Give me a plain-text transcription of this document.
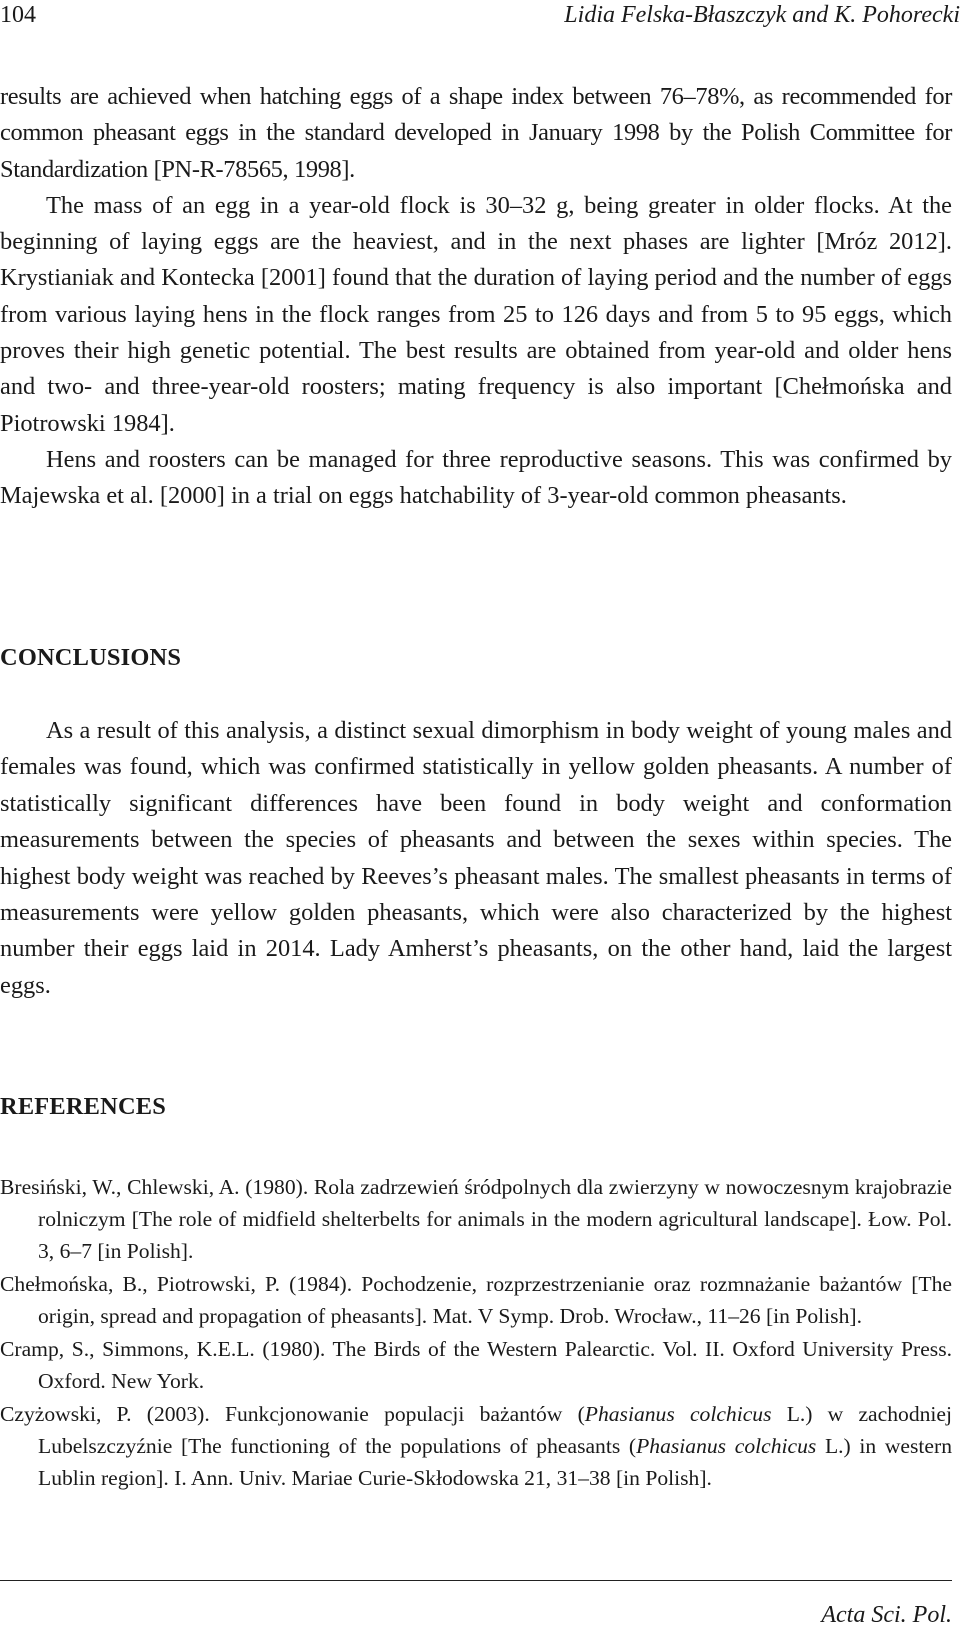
104	Lidia Felska-Błaszczyk and K. Pohorecki

results are achieved when hatching eggs of a shape index between 76–78%, as recommended for common pheasant eggs in the standard developed in January 1998 by the Polish Committee for Standardization [PN-R-78565, 1998].

The mass of an egg in a year-old flock is 30–32 g, being greater in older flocks. At the beginning of laying eggs are the heaviest, and in the next phases are lighter [Mróz 2012]. Krystianiak and Kontecka [2001] found that the duration of laying period and the number of eggs from various laying hens in the flock ranges from 25 to 126 days and from 5 to 95 eggs, which proves their high genetic potential. The best results are obtained from year-old and older hens and two- and three-year-old roosters; mating frequency is also important [Chełmońska and Piotrowski 1984].

Hens and roosters can be managed for three reproductive seasons. This was confirmed by Majewska et al. [2000] in a trial on eggs hatchability of 3-year-old common pheasants.

CONCLUSIONS

As a result of this analysis, a distinct sexual dimorphism in body weight of young males and females was found, which was confirmed statistically in yellow golden pheasants. A number of statistically significant differences have been found in body weight and conformation measurements between the species of pheasants and between the sexes within species. The highest body weight was reached by Reeves’s pheasant males. The smallest pheasants in terms of measurements were yellow golden pheasants, which were also characterized by the highest number their eggs laid in 2014. Lady Amherst’s pheasants, on the other hand, laid the largest eggs.

REFERENCES

Bresiński, W., Chlewski, A. (1980). Rola zadrzewień śródpolnych dla zwierzyny w nowoczesnym krajobrazie rolniczym [The role of midfield shelterbelts for animals in the modern agricultural landscape]. Łow. Pol. 3, 6–7 [in Polish].

Chełmońska, B., Piotrowski, P. (1984). Pochodzenie, rozprzestrzenianie oraz rozmnażanie bażantów [The origin, spread and propagation of pheasants]. Mat. V Symp. Drob. Wrocław., 11–26 [in Polish].

Cramp, S., Simmons, K.E.L. (1980). The Birds of the Western Palearctic. Vol. II. Oxford University Press. Oxford. New York.

Czyżowski, P. (2003). Funkcjonowanie populacji bażantów (Phasianus colchicus L.) w zachodniej Lubelszczyźnie [The functioning of the populations of pheasants (Phasianus colchicus L.) in western Lublin region]. I. Ann. Univ. Mariae Curie-Skłodowska 21, 31–38 [in Polish].

Acta Sci. Pol.
